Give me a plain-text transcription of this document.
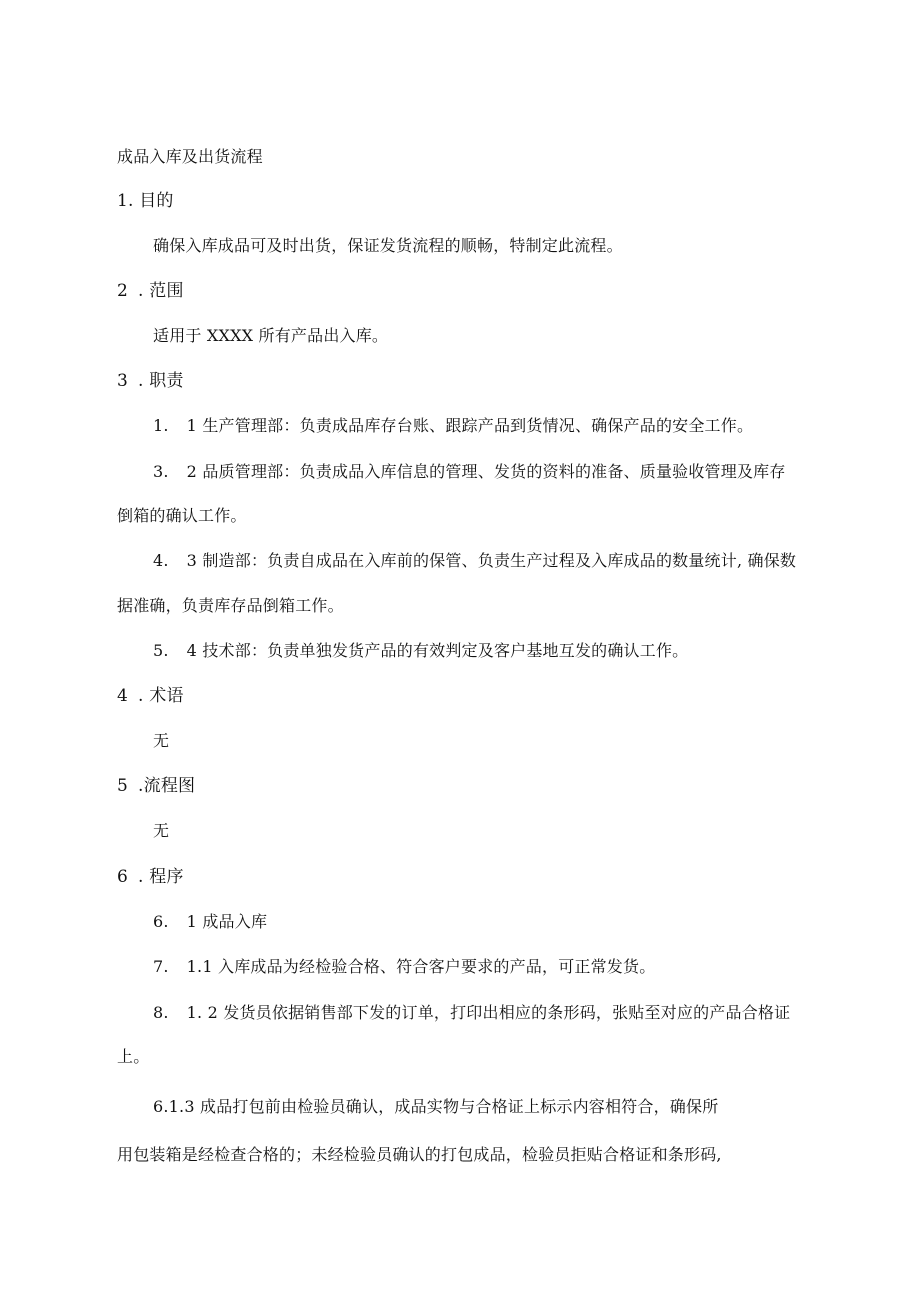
成品入库及出货流程
1. 目的
确保入库成品可及时出货，保证发货流程的顺畅，特制定此流程。
2 . 范围
适用于 XXXX 所有产品出入库。
3 . 职责
1. 1 生产管理部：负责成品库存台账、跟踪产品到货情况、确保产品的安全工作。
3. 2 品质管理部：负责成品入库信息的管理、发货的资料的准备、质量验收管理及库存
倒箱的确认工作。
4. 3 制造部：负责自成品在入库前的保管、负责生产过程及入库成品的数量统计, 确保数
据准确，负责库存品倒箱工作。
5. 4 技术部：负责单独发货产品的有效判定及客户基地互发的确认工作。
4 . 术语
无
5 .流程图
无
6 . 程序
6. 1 成品入库
7. 1.1 入库成品为经检验合格、符合客户要求的产品，可正常发货。
8. 1. 2 发货员依据销售部下发的订单，打印出相应的条形码，张贴至对应的产品合格证
上。
6.1.3 成品打包前由检验员确认，成品实物与合格证上标示内容相符合，确保所
用包装箱是经检查合格的；未经检验员确认的打包成品，检验员拒贴合格证和条形码,
